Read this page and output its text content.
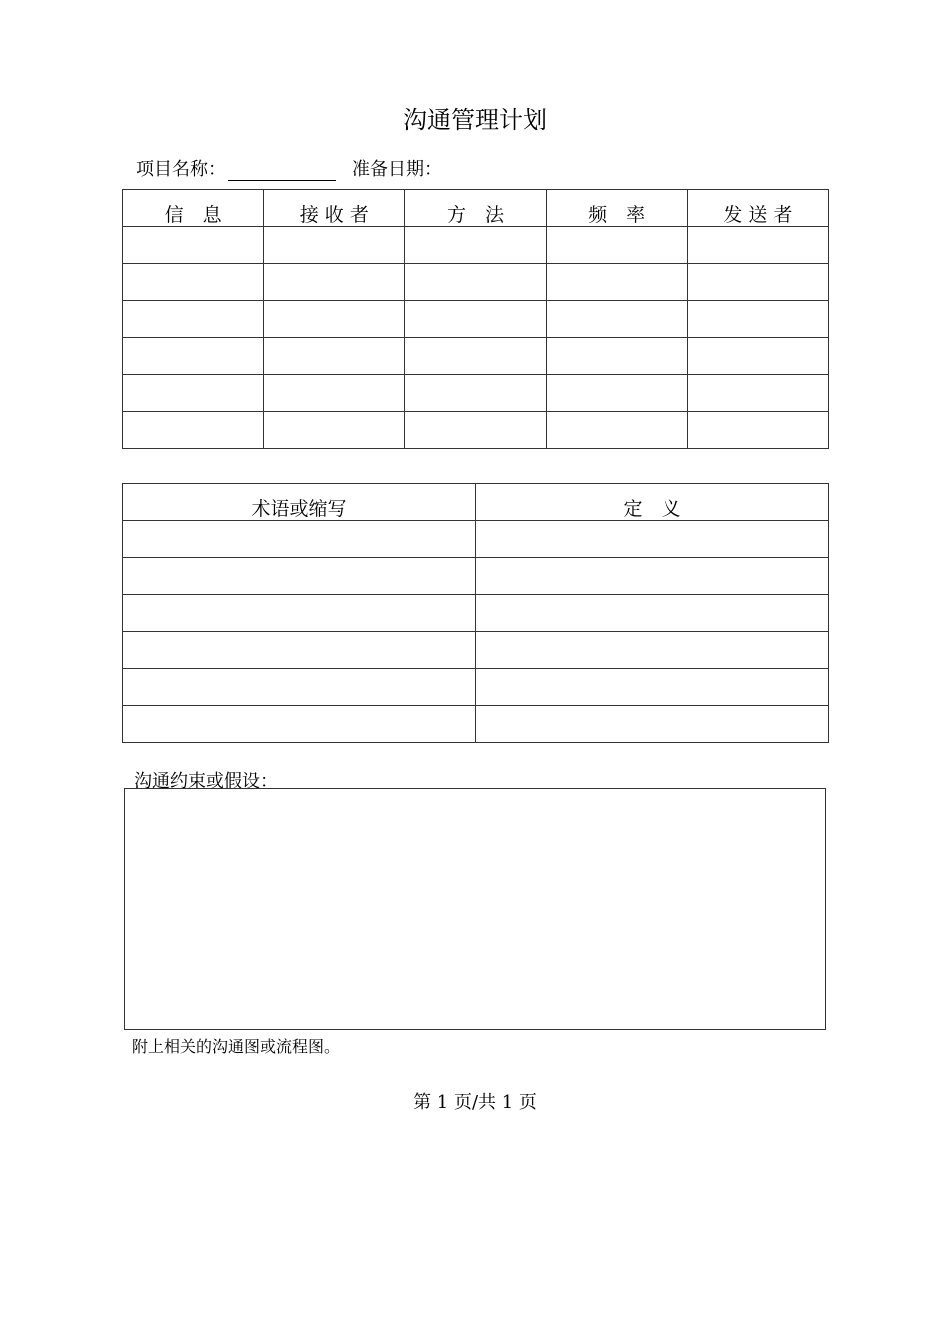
沟通管理计划
项目名称：	准备日期：
信　息	接 收 者	方　法	频　率	发 送 者

术语或缩写	定　义

沟通约束或假设：
附上相关的沟通图或流程图。
第 1 页/共 1 页
